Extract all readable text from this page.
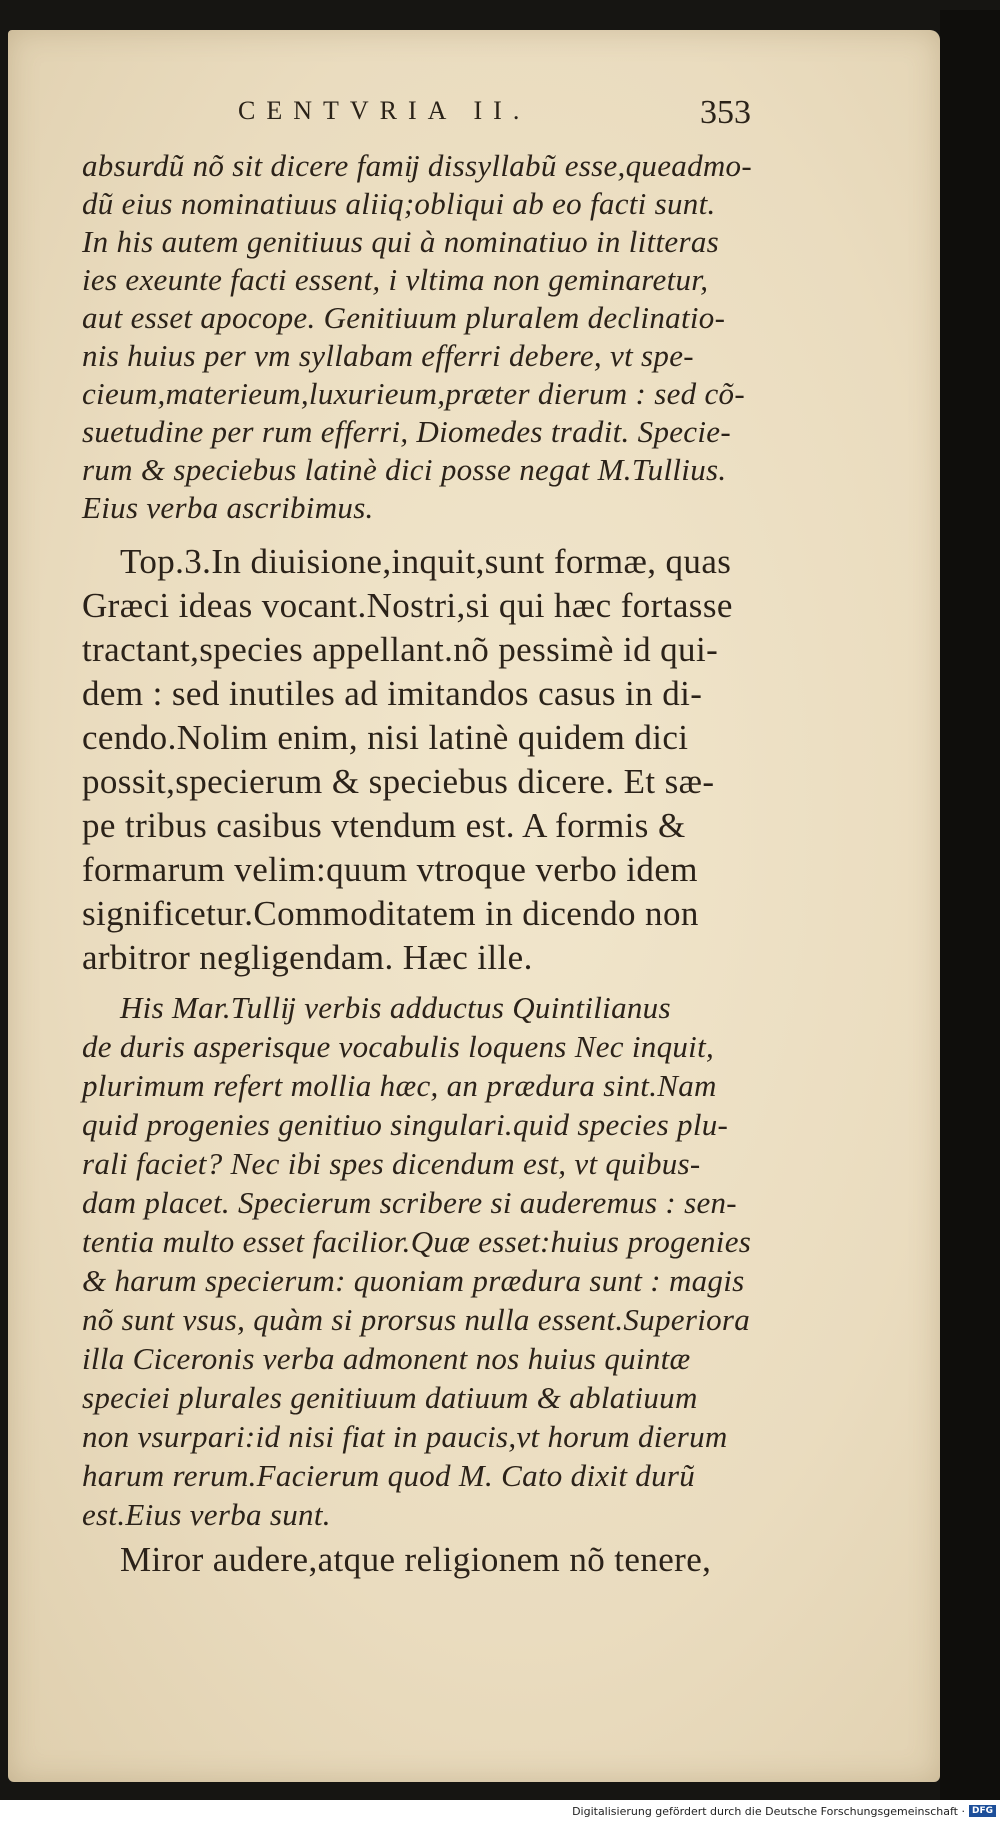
CENTVRIA II.	353
absurdũ nõ sit dicere famĳ dissyllabũ esse,queadmo-
dũ eius nominatiuus aliiq;obliqui ab eo facti sunt.
In his autem genitiuus qui à nominatiuo in litteras
ies exeunte facti essent, i vltima non geminaretur,
aut esset apocope. Genitiuum pluralem declinatio-
nis huius per vm syllabam efferri debere, vt spe-
cieum,materieum,luxurieum,præter dierum : sed cõ-
suetudine per rum efferri, Diomedes tradit. Specie-
rum & speciebus latinè dici posse negat M.Tullius.
Eius verba ascribimus.
Top.3.In diuisione,inquit,sunt formæ, quas
Græci ideas vocant.Nostri,si qui hæc fortasse
tractant,species appellant.nõ pessimè id qui-
dem : sed inutiles ad imitandos casus in di-
cendo.Nolim enim, nisi latinè quidem dici
possit,specierum & speciebus dicere. Et sæ-
pe tribus casibus vtendum est. A formis &
formarum velim:quum vtroque verbo idem
significetur.Commoditatem in dicendo non
arbitror negligendam. Hæc ille.
His Mar.Tullĳ verbis adductus Quintilianus
de duris asperisque vocabulis loquens Nec inquit,
plurimum refert mollia hæc, an prædura sint.Nam
quid progenies genitiuo singulari.quid species plu-
rali faciet? Nec ibi spes dicendum est, vt quibus-
dam placet. Specierum scribere si auderemus : sen-
tentia multo esset facilior.Quæ esset:huius progenies
& harum specierum: quoniam prædura sunt : magis
nõ sunt vsus, quàm si prorsus nulla essent.Superiora
illa Ciceronis verba admonent nos huius quintæ
speciei plurales genitiuum datiuum & ablatiuum
non vsurpari:id nisi fiat in paucis,vt horum dierum
harum rerum.Facierum quod M. Cato dixit durũ
est.Eius verba sunt.
Miror audere,atque religionem nõ tenere,
Digitalisierung gefördert durch die Deutsche Forschungsgemeinschaft · DFG
